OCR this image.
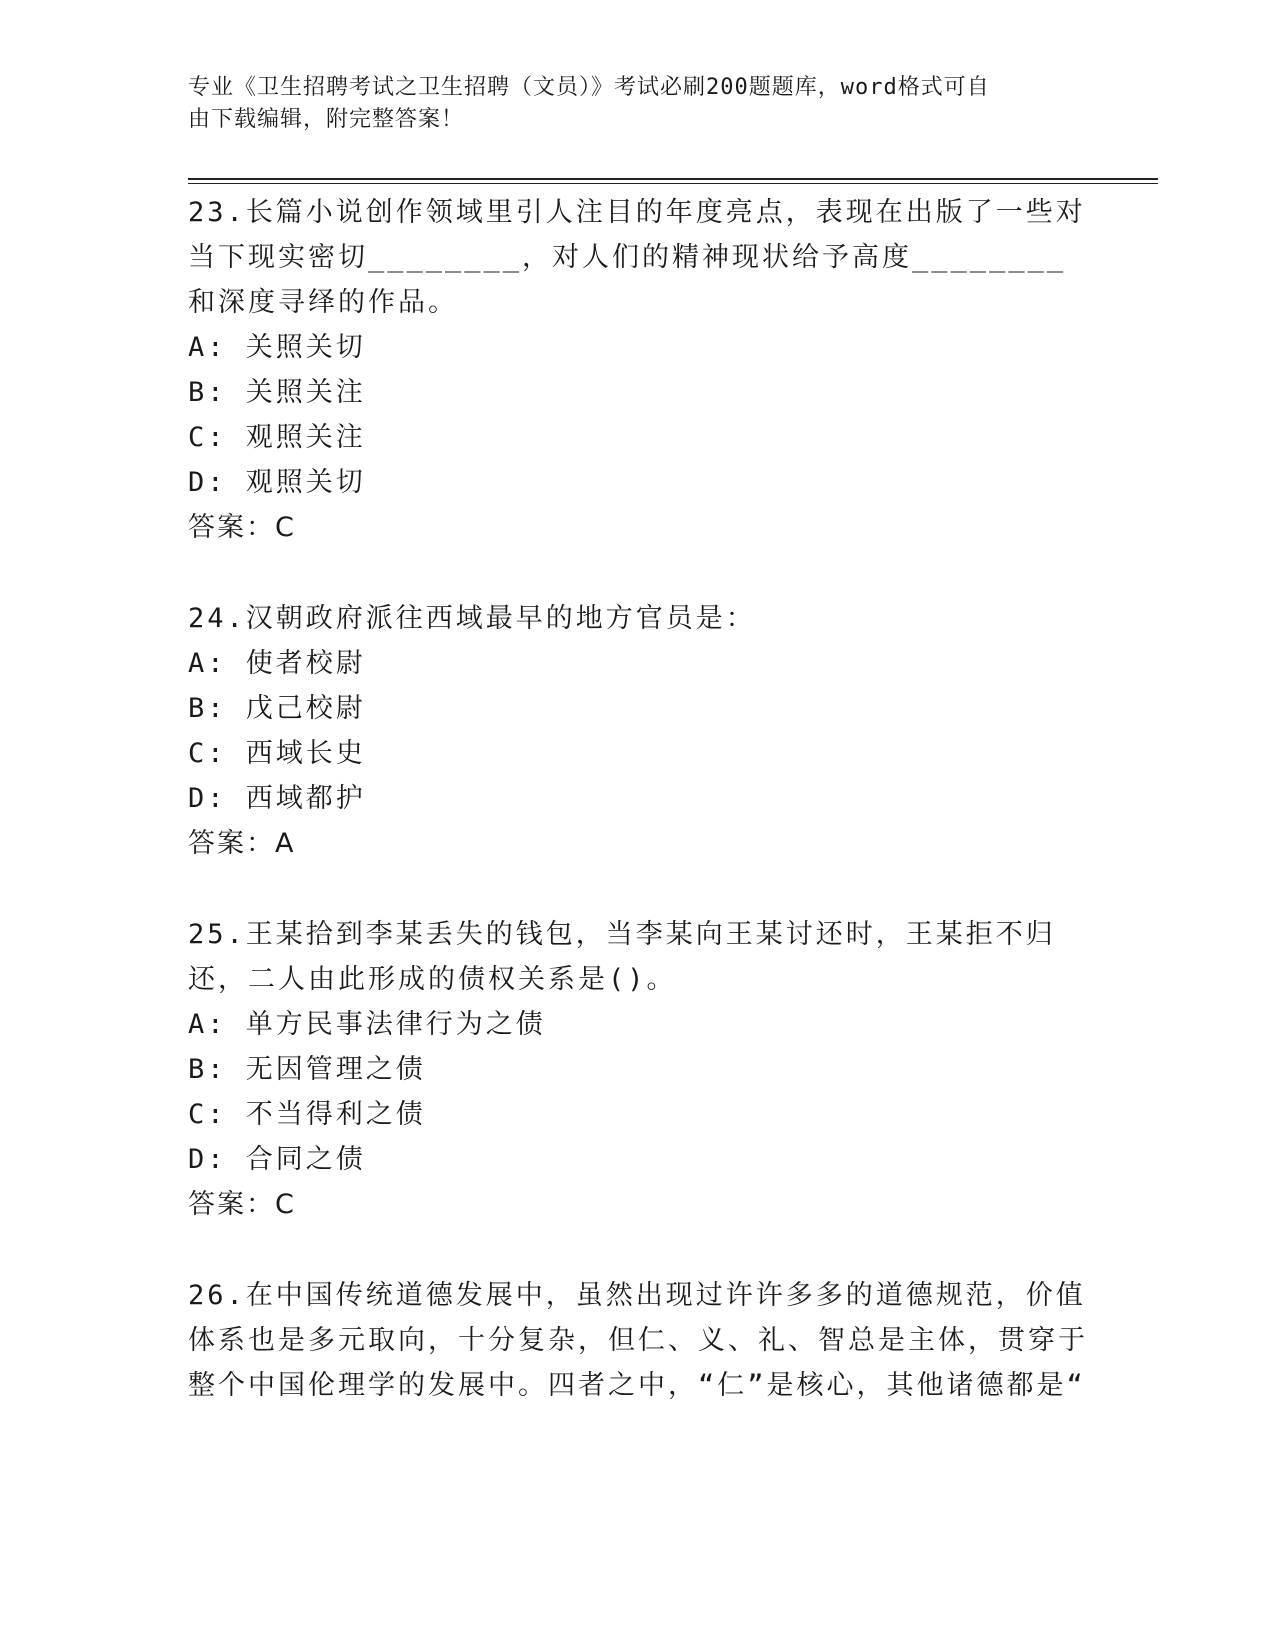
专业《卫生招聘考试之卫生招聘（文员）》考试必刷200题题库，word格式可自
由下载编辑，附完整答案！

23.长篇小说创作领域里引人注目的年度亮点，表现在出版了一些对当下现实密切________，对人们的精神现状给予高度________和深度寻绎的作品。

A: 关照关切

B: 关照关注

C: 观照关注

D: 观照关切

答案：C

24.汉朝政府派往西域最早的地方官员是：

A: 使者校尉

B: 戊己校尉

C: 西域长史

D: 西域都护

答案：A

25.王某拾到李某丢失的钱包，当李某向王某讨还时，王某拒不归还，二人由此形成的债权关系是()。

A: 单方民事法律行为之债

B: 无因管理之债

C: 不当得利之债

D: 合同之债

答案：C

26.在中国传统道德发展中，虽然出现过许许多多的道德规范，价值体系也是多元取向，十分复杂，但仁、义、礼、智总是主体，贯穿于整个中国伦理学的发展中。四者之中，“仁”是核心，其他诸德都是“
